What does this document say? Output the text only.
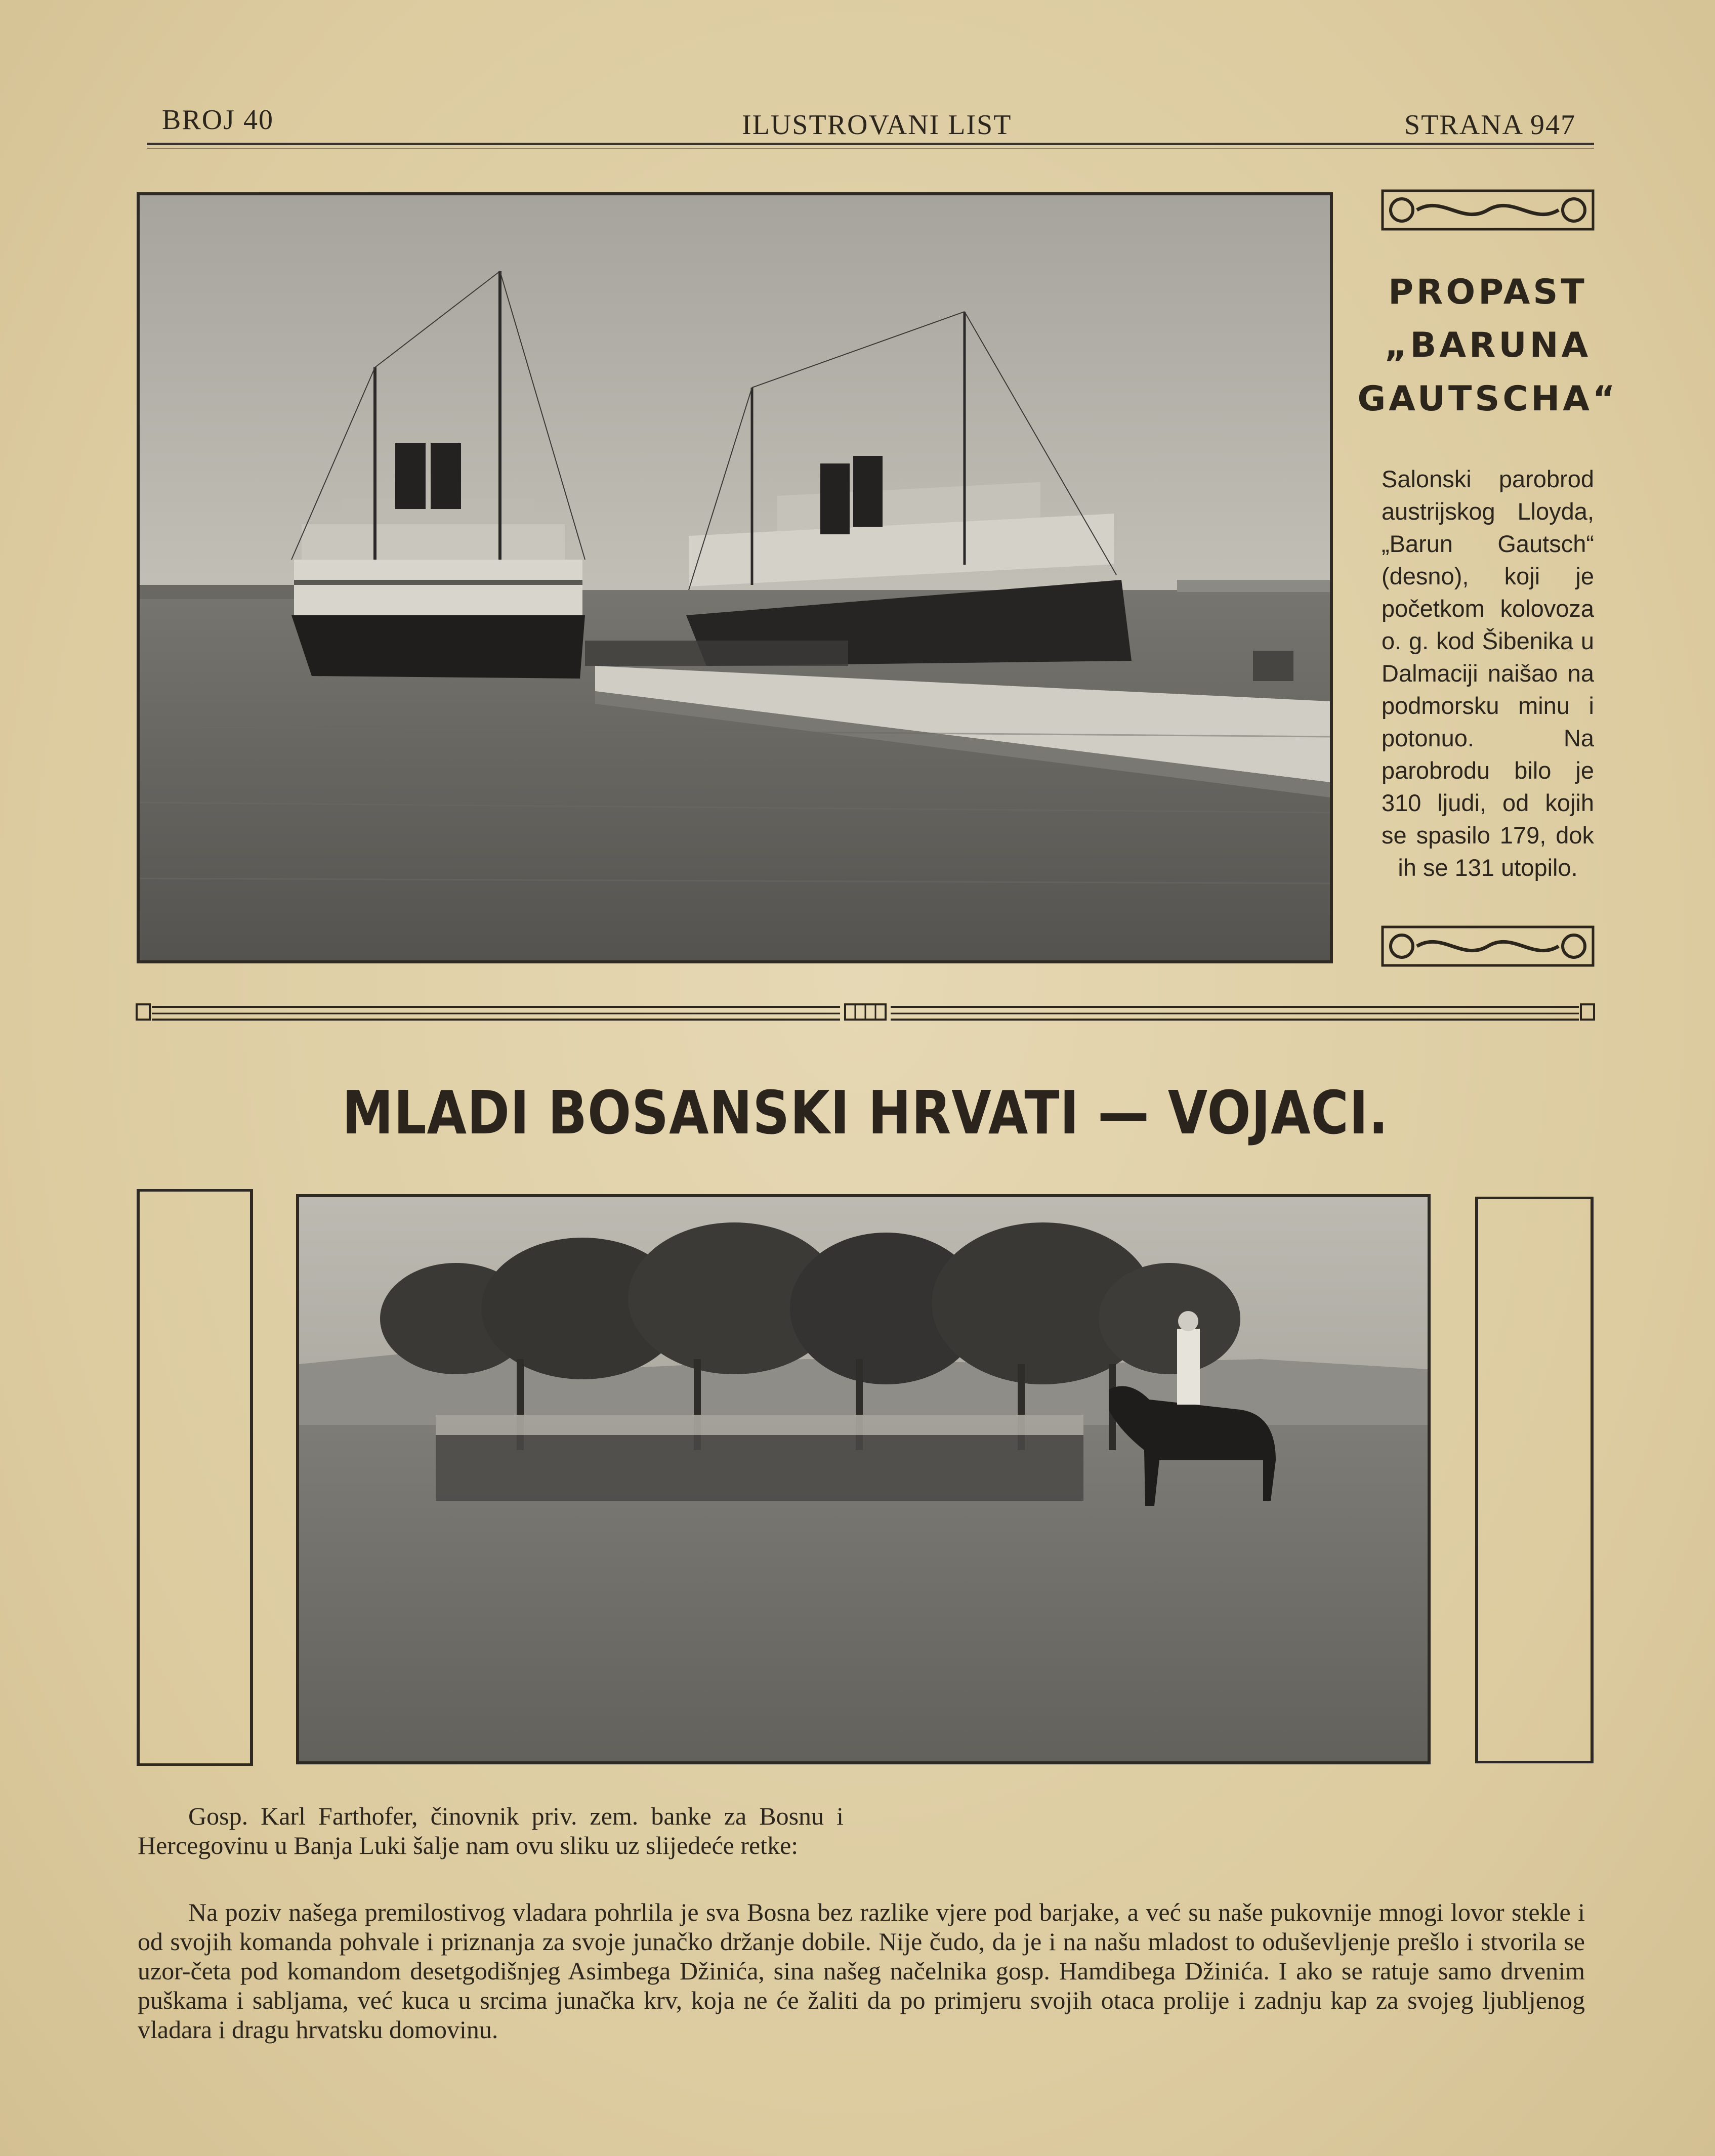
BROJ 40	ILUSTROVANI LIST	STRANA 947
PROPAST
„BARUNA
GAUTSCHA“
Salonski parobrod austrijskog Lloyda, „Barun Gautsch“ (desno), koji je početkom kolovoza o. g. kod Šibenika u Dalmaciji naišao na podmorsku minu i potonuo. Na parobrodu bilo je 310 ljudi, od kojih se spasilo 179, dok ih se 131 utopilo.
MLADI BOSANSKI HRVATI — VOJACI.

Gosp. Karl Farthofer, činovnik priv. zem. banke za Bosnu i Hercegovinu u Banja Luki šalje nam ovu sliku uz slijedeće retke:

Na poziv našega premilostivog vladara pohrlila je sva Bosna bez razlike vjere pod barjake, a već su naše pukovnije mnogi lovor stekle i od svojih komanda pohvale i priznanja za svoje junačko držanje dobile. Nije čudo, da je i na našu mladost to oduševljenje prešlo i stvorila se uzor-četa pod komandom desetgodišnjeg Asimbega Džinića, sina našeg načelnika gosp. Hamdibega Džinića. I ako se ratuje samo drvenim puškama i sabljama, već kuca u srcima junačka krv, koja ne će žaliti da po primjeru svojih otaca prolije i zadnju kap za svojeg ljubljenog vladara i dragu hrvatsku domovinu.
